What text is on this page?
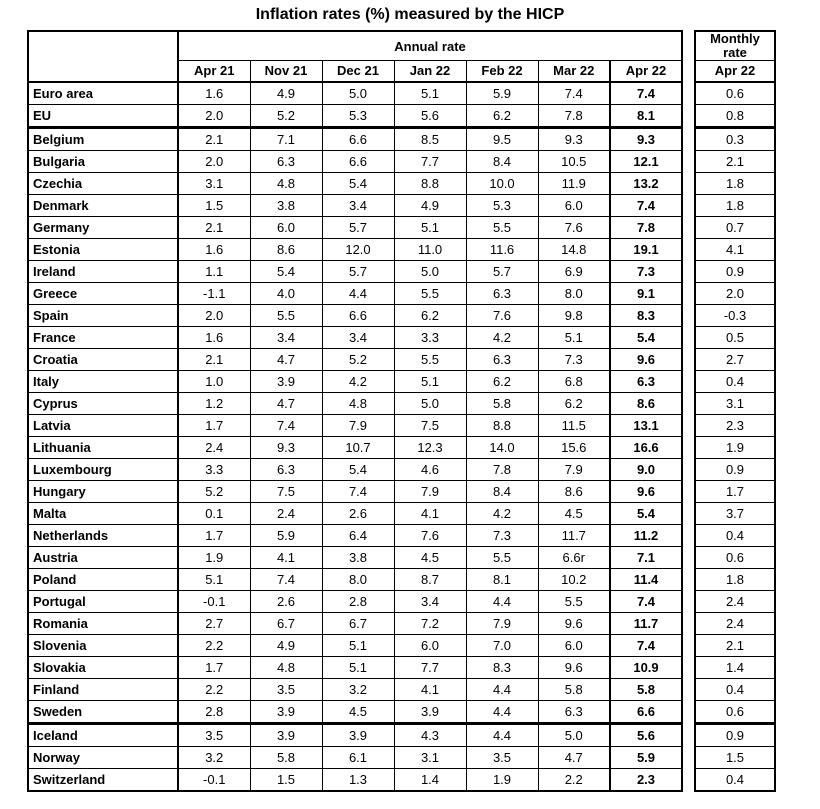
Inflation rates (%) measured by the HICP
	Annual rate								Monthly rate
	Apr 21	Nov 21	Dec 21	Jan 22	Feb 22	Mar 22	Apr 22		Apr 22
Euro area	1.6	4.9	5.0	5.1	5.9	7.4	7.4		0.6
EU	2.0	5.2	5.3	5.6	6.2	7.8	8.1		0.8
Belgium	2.1	7.1	6.6	8.5	9.5	9.3	9.3		0.3
Bulgaria	2.0	6.3	6.6	7.7	8.4	10.5	12.1		2.1
Czechia	3.1	4.8	5.4	8.8	10.0	11.9	13.2		1.8
Denmark	1.5	3.8	3.4	4.9	5.3	6.0	7.4		1.8
Germany	2.1	6.0	5.7	5.1	5.5	7.6	7.8		0.7
Estonia	1.6	8.6	12.0	11.0	11.6	14.8	19.1		4.1
Ireland	1.1	5.4	5.7	5.0	5.7	6.9	7.3		0.9
Greece	-1.1	4.0	4.4	5.5	6.3	8.0	9.1		2.0
Spain	2.0	5.5	6.6	6.2	7.6	9.8	8.3		-0.3
France	1.6	3.4	3.4	3.3	4.2	5.1	5.4		0.5
Croatia	2.1	4.7	5.2	5.5	6.3	7.3	9.6		2.7
Italy	1.0	3.9	4.2	5.1	6.2	6.8	6.3		0.4
Cyprus	1.2	4.7	4.8	5.0	5.8	6.2	8.6		3.1
Latvia	1.7	7.4	7.9	7.5	8.8	11.5	13.1		2.3
Lithuania	2.4	9.3	10.7	12.3	14.0	15.6	16.6		1.9
Luxembourg	3.3	6.3	5.4	4.6	7.8	7.9	9.0		0.9
Hungary	5.2	7.5	7.4	7.9	8.4	8.6	9.6		1.7
Malta	0.1	2.4	2.6	4.1	4.2	4.5	5.4		3.7
Netherlands	1.7	5.9	6.4	7.6	7.3	11.7	11.2		0.4
Austria	1.9	4.1	3.8	4.5	5.5	6.6r	7.1		0.6
Poland	5.1	7.4	8.0	8.7	8.1	10.2	11.4		1.8
Portugal	-0.1	2.6	2.8	3.4	4.4	5.5	7.4		2.4
Romania	2.7	6.7	6.7	7.2	7.9	9.6	11.7		2.4
Slovenia	2.2	4.9	5.1	6.0	7.0	6.0	7.4		2.1
Slovakia	1.7	4.8	5.1	7.7	8.3	9.6	10.9		1.4
Finland	2.2	3.5	3.2	4.1	4.4	5.8	5.8		0.4
Sweden	2.8	3.9	4.5	3.9	4.4	6.3	6.6		0.6
Iceland	3.5	3.9	3.9	4.3	4.4	5.0	5.6		0.9
Norway	3.2	5.8	6.1	3.1	3.5	4.7	5.9		1.5
Switzerland	-0.1	1.5	1.3	1.4	1.9	2.2	2.3		0.4
